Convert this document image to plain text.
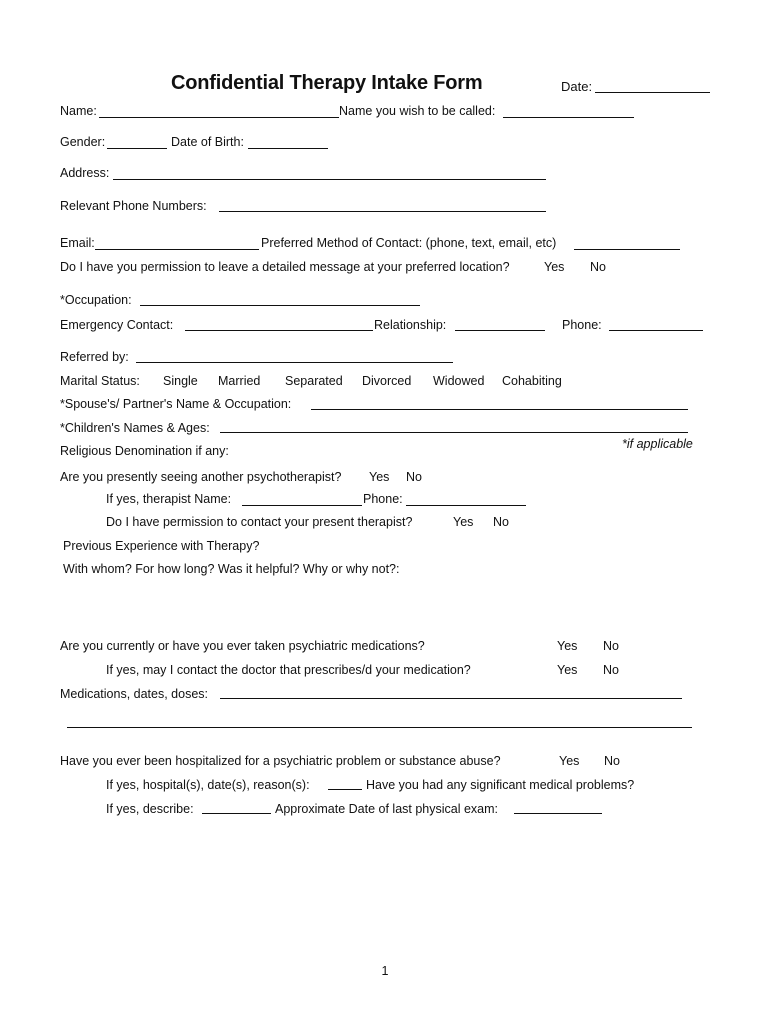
Confidential Therapy Intake Form	Date:
Name:	Name you wish to be called:
Gender:	Date of Birth:
Address:
Relevant Phone Numbers:
Email:	Preferred Method of Contact: (phone, text, email, etc)
Do I have you permission to leave a detailed message at your preferred location?	Yes No
*Occupation:
Emergency Contact:	Relationship:	Phone:
Referred by:
Marital Status: Single Married Separated Divorced Widowed Cohabiting
*Spouse's/ Partner's Name & Occupation:
*Children's Names & Ages:
*if applicable
Religious Denomination if any:
Are you presently seeing another psychotherapist? Yes No
If yes, therapist Name:	Phone:
Do I have permission to contact your present therapist?	Yes No
Previous Experience with Therapy?
With whom? For how long? Was it helpful? Why or why not?:
Are you currently or have you ever taken psychiatric medications?	Yes No
If yes, may I contact the doctor that prescribes/d your medication?	Yes No
Medications, dates, doses:
Have you ever been hospitalized for a psychiatric problem or substance abuse?	Yes No
If yes, hospital(s), date(s), reason(s):	Have you had any significant medical problems?
If yes, describe:	Approximate Date of last physical exam:
1
